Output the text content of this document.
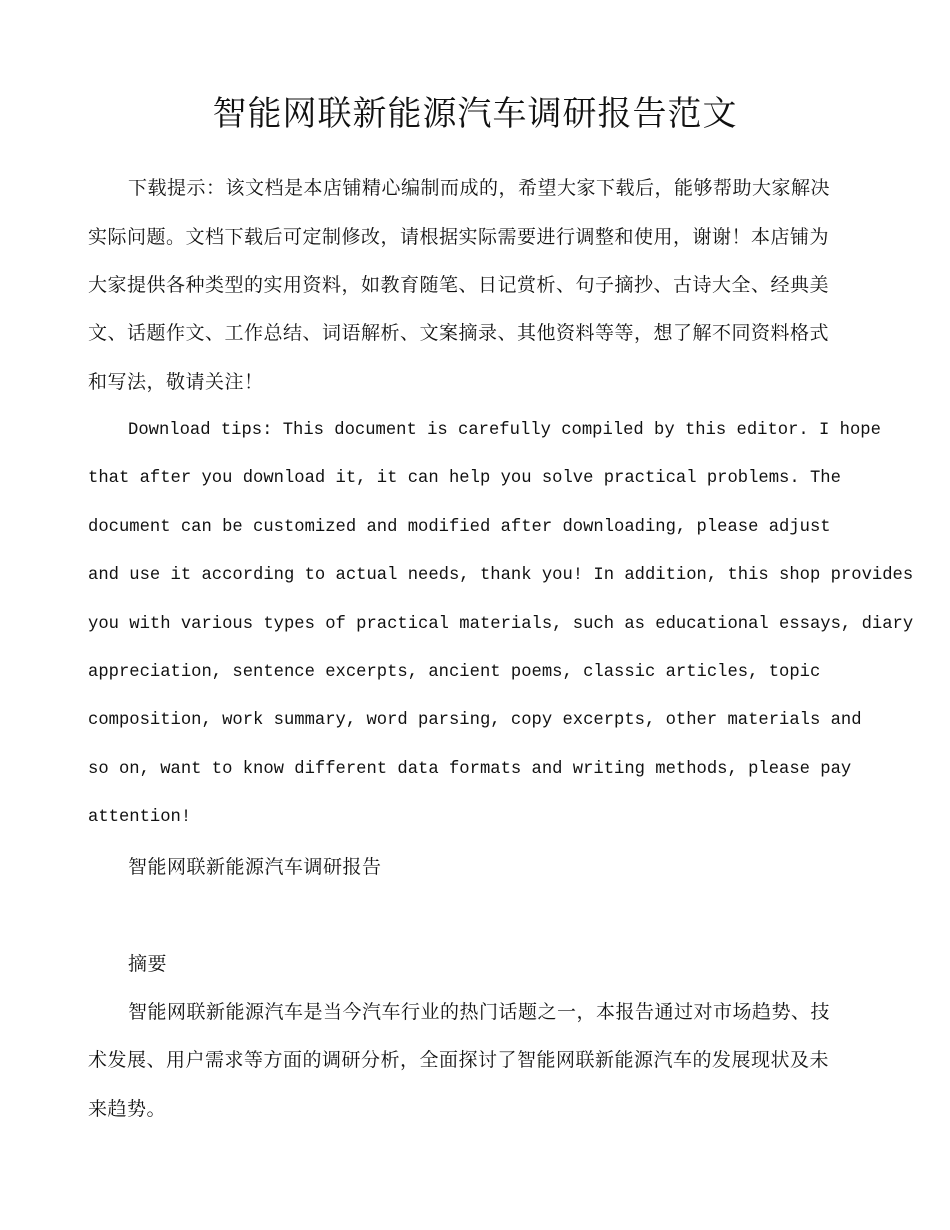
智能网联新能源汽车调研报告范文

下载提示：该文档是本店铺精心编制而成的，希望大家下载后，能够帮助大家解决

实际问题。文档下载后可定制修改，请根据实际需要进行调整和使用，谢谢！本店铺为

大家提供各种类型的实用资料，如教育随笔、日记赏析、句子摘抄、古诗大全、经典美

文、话题作文、工作总结、词语解析、文案摘录、其他资料等等，想了解不同资料格式

和写法，敬请关注！

Download tips: This document is carefully compiled by this editor. I hope

that after you download it, it can help you solve practical problems. The

document can be customized and modified after downloading, please adjust

and use it according to actual needs, thank you! In addition, this shop provides

you with various types of practical materials, such as educational essays, diary

appreciation, sentence excerpts, ancient poems, classic articles, topic

composition, work summary, word parsing, copy excerpts, other materials and

so on, want to know different data formats and writing methods, please pay

attention!

智能网联新能源汽车调研报告

摘要

智能网联新能源汽车是当今汽车行业的热门话题之一，本报告通过对市场趋势、技

术发展、用户需求等方面的调研分析，全面探讨了智能网联新能源汽车的发展现状及未

来趋势。
